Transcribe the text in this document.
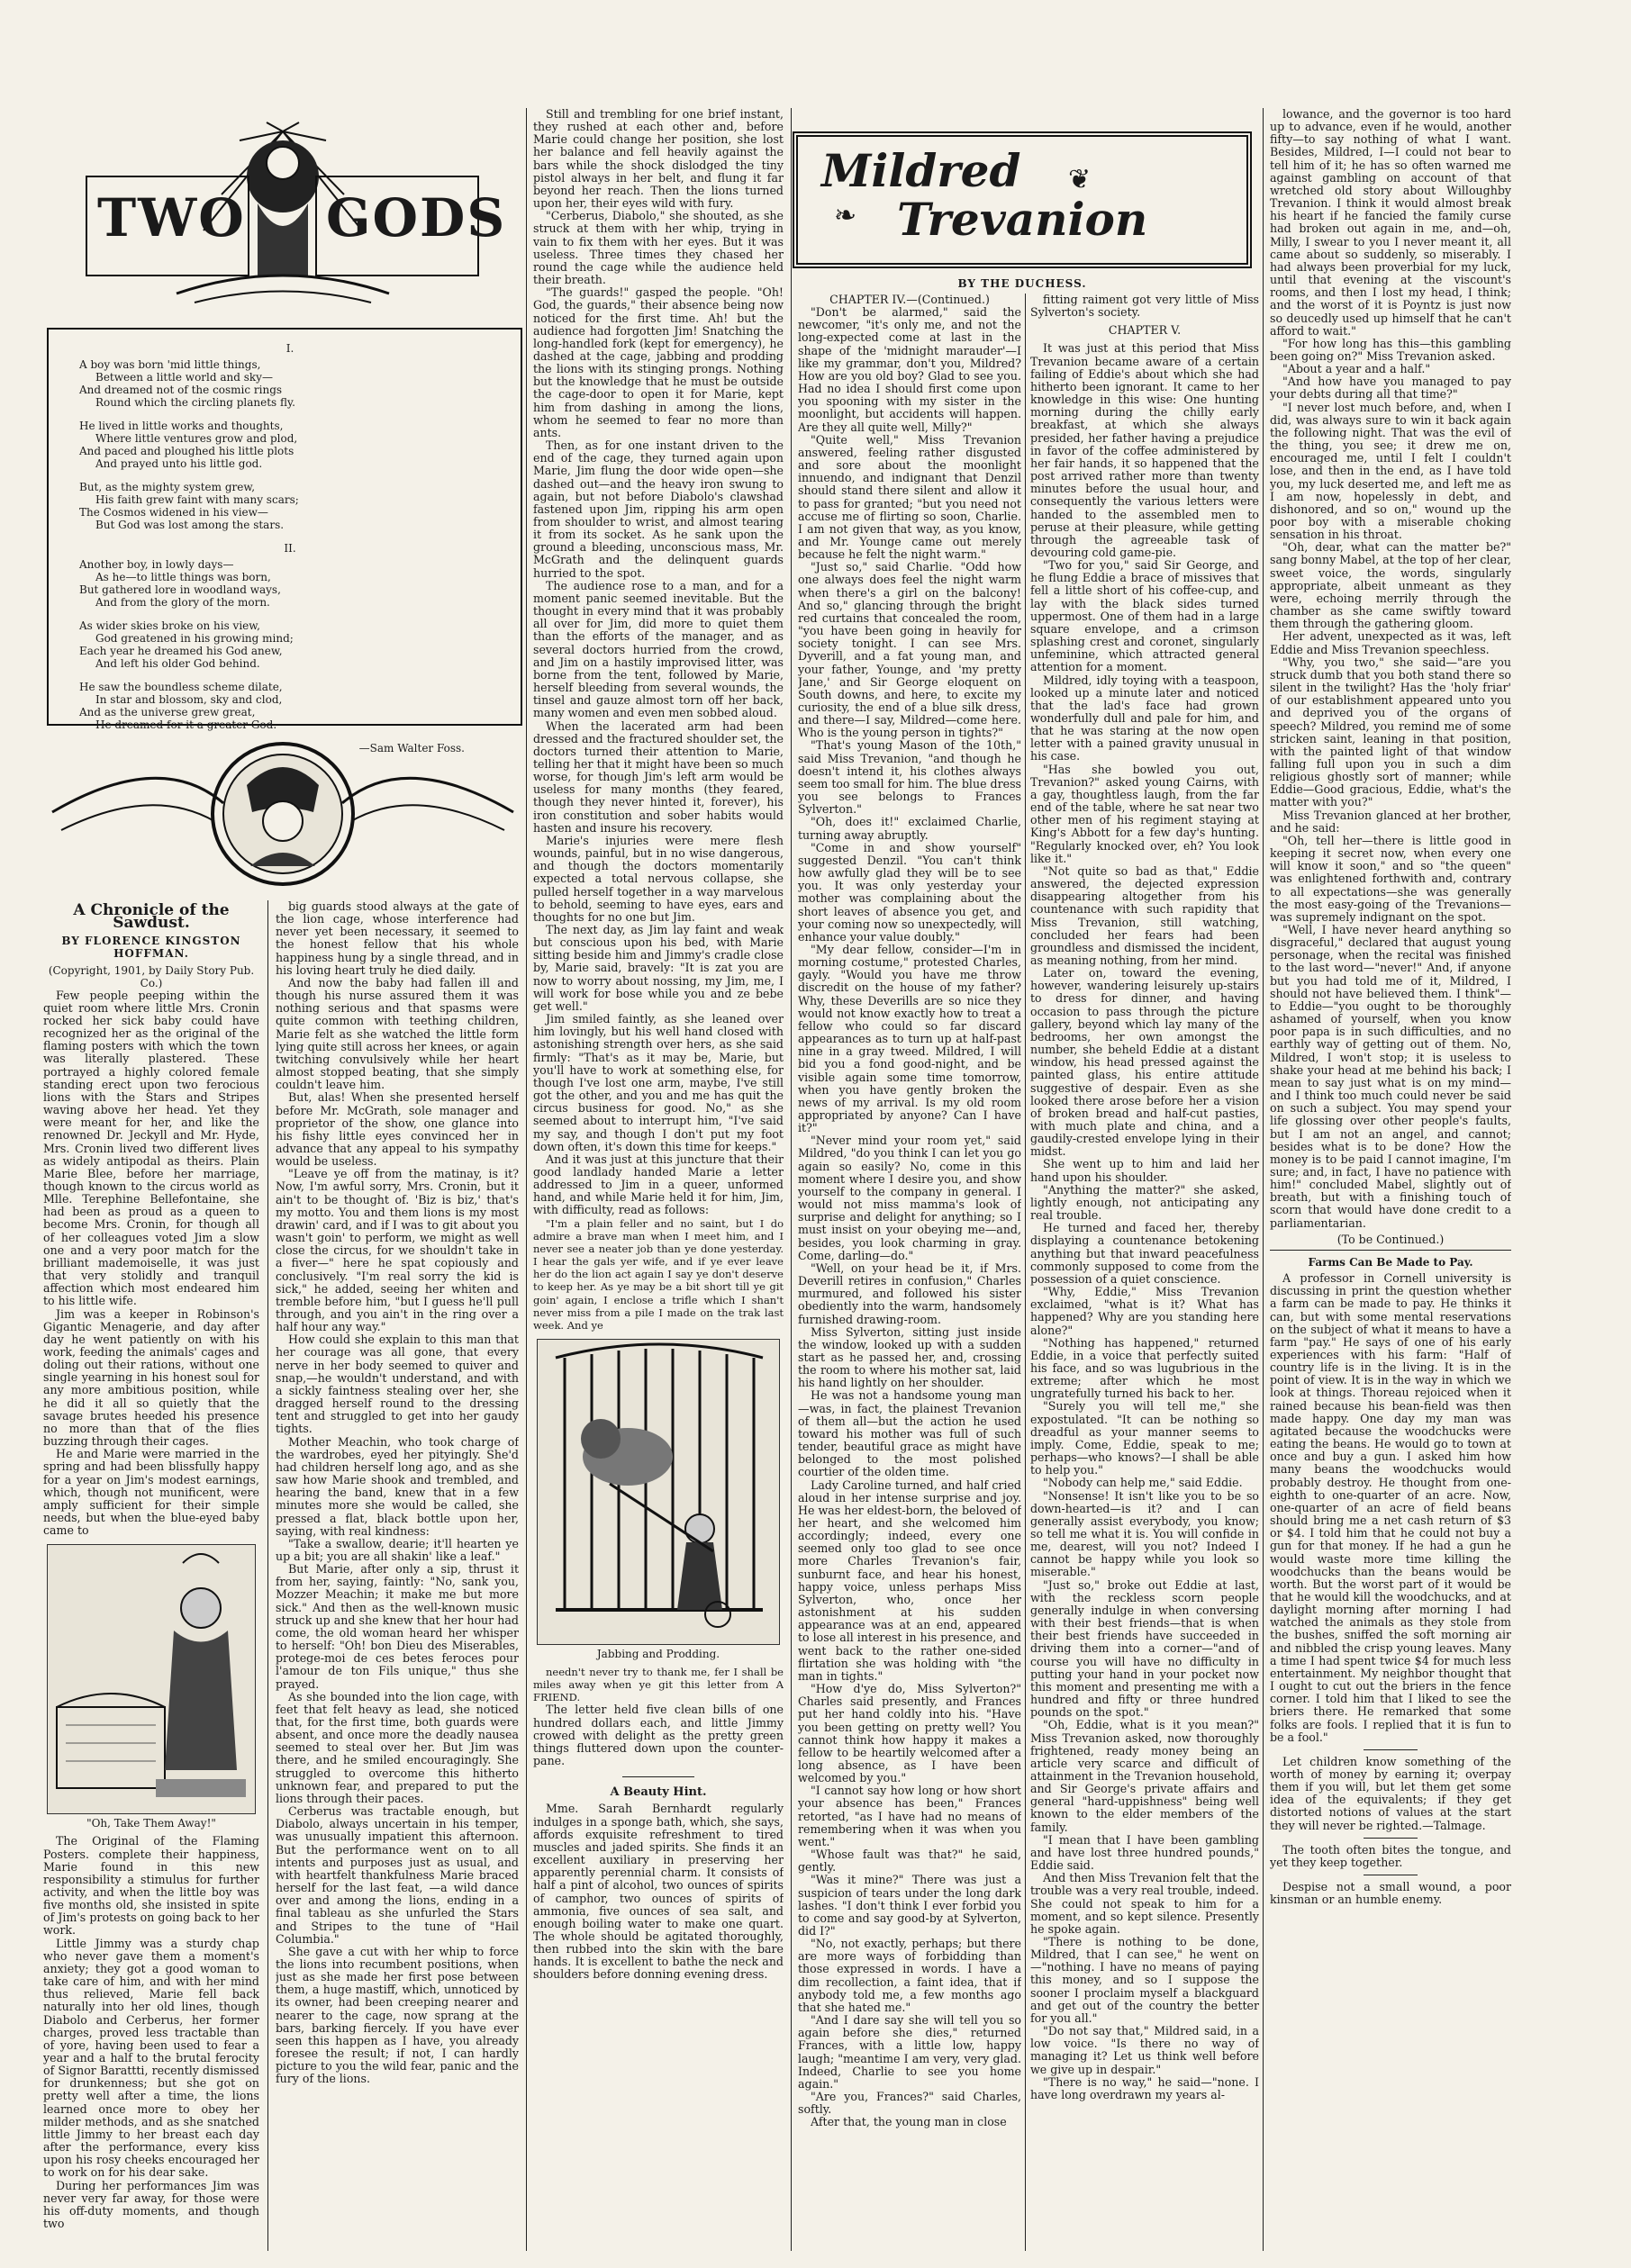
TWO GODS
I.
A boy was born 'mid little things,
Between a little world and sky—
And dreamed not of the cosmic rings
Round which the circling planets fly.
He lived in little works and thoughts,
Where little ventures grow and plod,
And paced and ploughed his little plots
And prayed unto his little god.
But, as the mighty system grew,
His faith grew faint with many scars;
The Cosmos widened in his view—
But God was lost among the stars.
II.
Another boy, in lowly days—
As he—to little things was born,
But gathered lore in woodland ways,
And from the glory of the morn.
As wider skies broke on his view,
God greatened in his growing mind;
Each year he dreamed his God anew,
And left his older God behind.
He saw the boundless scheme dilate,
In star and blossom, sky and clod,
And as the universe grew great,
He dreamed for it a greater God.
—Sam Walter Foss.
A Chronicle of the Sawdust.
BY FLORENCE KINGSTON HOFFMAN.
(Copyright, 1901, by Daily Story Pub. Co.)

Few people peeping within the quiet room where little Mrs. Cronin rocked her sick baby could have recognized her as the original of the flaming posters with which the town was literally plastered. These portrayed a highly colored female standing erect upon two ferocious lions with the Stars and Stripes waving above her head. Yet they were meant for her, and like the renowned Dr. Jeckyll and Mr. Hyde, Mrs. Cronin lived two different lives as widely antipodal as theirs. Plain Marie Blee, before her marriage, though known to the circus world as Mlle. Terephine Bellefontaine, she had been as proud as a queen to become Mrs. Cronin, for though all of her colleagues voted Jim a slow one and a very poor match for the brilliant mademoiselle, it was just that very stolidly and tranquil affection which most endeared him to his little wife.

Jim was a keeper in Robinson's Gigantic Menagerie, and day after day he went patiently on with his work, feeding the animals' cages and doling out their rations, without one single yearning in his honest soul for any more ambitious position, while he did it all so quietly that the savage brutes heeded his presence no more than that of the flies buzzing through their cages.

He and Marie were married in the spring and had been blissfully happy for a year on Jim's modest earnings, which, though not munificent, were amply sufficient for their simple needs, but when the blue-eyed baby came to

"Oh, Take Them Away!"

The Original of the Flaming Posters. complete their happiness, Marie found in this new responsibility a stimulus for further activity, and when the little boy was five months old, she insisted in spite of Jim's protests on going back to her work.

Little Jimmy was a sturdy chap who never gave them a moment's anxiety; they got a good woman to take care of him, and with her mind thus relieved, Marie fell back naturally into her old lines, though Diabolo and Cerberus, her former charges, proved less tractable than of yore, having been used to fear a year and a half to the brutal ferocity of Signor Barattti, recently dismissed for drunkenness; but she got on pretty well after a time, the lions learned once more to obey her milder methods, and as she snatched little Jimmy to her breast each day after the performance, every kiss upon his rosy cheeks encouraged her to work on for his dear sake.

During her performances Jim was never very far away, for those were his off-duty moments, and though two

big guards stood always at the gate of the lion cage, whose interference had never yet been necessary, it seemed to the honest fellow that his whole happiness hung by a single thread, and in his loving heart truly he died daily.

And now the baby had fallen ill and though his nurse assured them it was nothing serious and that spasms were quite common with teething children, Marie felt as she watched the little form lying quite still across her knees, or again twitching convulsively while her heart almost stopped beating, that she simply couldn't leave him.

But, alas! When she presented herself before Mr. McGrath, sole manager and proprietor of the show, one glance into his fishy little eyes convinced her in advance that any appeal to his sympathy would be useless.

"Leave ye off from the matinay, is it? Now, I'm awful sorry, Mrs. Cronin, but it ain't to be thought of. 'Biz is biz,' that's my motto. You and them lions is my most drawin' card, and if I was to git about you wasn't goin' to perform, we might as well close the circus, for we shouldn't take in a fiver—" here he spat copiously and conclusively. "I'm real sorry the kid is sick," he added, seeing her whiten and tremble before him, "but I guess he'll pull through, and you ain't in the ring over a half hour any way."

How could she explain to this man that her courage was all gone, that every nerve in her body seemed to quiver and snap,—he wouldn't understand, and with a sickly faintness stealing over her, she dragged herself round to the dressing tent and struggled to get into her gaudy tights.

Mother Meachin, who took charge of the wardrobes, eyed her pityingly. She'd had children herself long ago, and as she saw how Marie shook and trembled, and hearing the band, knew that in a few minutes more she would be called, she pressed a flat, black bottle upon her, saying, with real kindness:

"Take a swallow, dearie; it'll hearten ye up a bit; you are all shakin' like a leaf."

But Marie, after only a sip, thrust it from her, saying, faintly: "No, sank you, Mozzer Meachin; it make me but more sick." And then as the well-known music struck up and she knew that her hour had come, the old woman heard her whisper to herself: "Oh! bon Dieu des Miserables, protege-moi de ces betes feroces pour l'amour de ton Fils unique," thus she prayed.

As she bounded into the lion cage, with feet that felt heavy as lead, she noticed that, for the first time, both guards were absent, and once more the deadly nausea seemed to steal over her. But Jim was there, and he smiled encouragingly. She struggled to overcome this hitherto unknown fear, and prepared to put the lions through their paces.

Cerberus was tractable enough, but Diabolo, always uncertain in his temper, was unusually impatient this afternoon. But the performance went on to all intents and purposes just as usual, and with heartfelt thankfulness Marie braced herself for the last feat, —a wild dance over and among the lions, ending in a final tableau as she unfurled the Stars and Stripes to the tune of "Hail Columbia."

She gave a cut with her whip to force the lions into recumbent positions, when just as she made her first pose between them, a huge mastiff, which, unnoticed by its owner, had been creeping nearer and nearer to the cage, now sprang at the bars, barking fiercely. If you have ever seen this happen as I have, you already foresee the result; if not, I can hardly picture to you the wild fear, panic and the fury of the lions.

Still and trembling for one brief instant, they rushed at each other and, before Marie could change her position, she lost her balance and fell heavily against the bars while the shock dislodged the tiny pistol always in her belt, and flung it far beyond her reach. Then the lions turned upon her, their eyes wild with fury.

"Cerberus, Diabolo," she shouted, as she struck at them with her whip, trying in vain to fix them with her eyes. But it was useless. Three times they chased her round the cage while the audience held their breath.

"The guards!" gasped the people. "Oh! God, the guards," their absence being now noticed for the first time. Ah! but the audience had forgotten Jim! Snatching the long-handled fork (kept for emergency), he dashed at the cage, jabbing and prodding the lions with its stinging prongs. Nothing but the knowledge that he must be outside the cage-door to open it for Marie, kept him from dashing in among the lions, whom he seemed to fear no more than ants.

Then, as for one instant driven to the end of the cage, they turned again upon Marie, Jim flung the door wide open—she dashed out—and the heavy iron swung to again, but not before Diabolo's clawshad fastened upon Jim, ripping his arm open from shoulder to wrist, and almost tearing it from its socket. As he sank upon the ground a bleeding, unconscious mass, Mr. McGrath and the delinquent guards hurried to the spot.

The audience rose to a man, and for a moment panic seemed inevitable. But the thought in every mind that it was probably all over for Jim, did more to quiet them than the efforts of the manager, and as several doctors hurried from the crowd, and Jim on a hastily improvised litter, was borne from the tent, followed by Marie, herself bleeding from several wounds, the tinsel and gauze almost torn off her back, many women and even men sobbed aloud.

When the lacerated arm had been dressed and the fractured shoulder set, the doctors turned their attention to Marie, telling her that it might have been so much worse, for though Jim's left arm would be useless for many months (they feared, though they never hinted it, forever), his iron constitution and sober habits would hasten and insure his recovery.

Marie's injuries were mere flesh wounds, painful, but in no wise dangerous, and though the doctors momentarily expected a total nervous collapse, she pulled herself together in a way marvelous to behold, seeming to have eyes, ears and thoughts for no one but Jim.

The next day, as Jim lay faint and weak but conscious upon his bed, with Marie sitting beside him and Jimmy's cradle close by, Marie said, bravely: "It is zat you are now to worry about nossing, my Jim, me, I will work for bose while you and ze bebe get well."

Jim smiled faintly, as she leaned over him lovingly, but his well hand closed with astonishing strength over hers, as she said firmly: "That's as it may be, Marie, but you'll have to work at something else, for though I've lost one arm, maybe, I've still got the other, and you and me has quit the circus business for good. No," as she seemed about to interrupt him, "I've said my say, and though I don't put my foot down often, it's down this time for keeps."

And it was just at this juncture that their good landlady handed Marie a letter addressed to Jim in a queer, unformed hand, and while Marie held it for him, Jim, with difficulty, read as follows:

"I'm a plain feller and no saint, but I do admire a brave man when I meet him, and I never see a neater job than ye done yesterday. I hear the gals yer wife, and if ye ever leave her do the lion act again I say ye don't deserve to keep her. As ye may be a bit short till ye git goin' again, I enclose a trifle which I shan't never miss from a pile I made on the trak last week. And ye

Jabbing and Prodding.

needn't never try to thank me, fer I shall be miles away when ye git this letter from A FRIEND.

The letter held five clean bills of one hundred dollars each, and little Jimmy crowed with delight as the pretty green things fluttered down upon the counter-pane.

A Beauty Hint.

Mme. Sarah Bernhardt regularly indulges in a sponge bath, which, she says, affords exquisite refreshment to tired muscles and jaded spirits. She finds it an excellent auxiliary in preserving her apparently perennial charm. It consists of half a pint of alcohol, two ounces of spirits of camphor, two ounces of spirits of ammonia, five ounces of sea salt, and enough boiling water to make one quart. The whole should be agitated thoroughly, then rubbed into the skin with the bare hands. It is excellent to bathe the neck and shoulders before donning evening dress.

Mildred ❦
❧ Trevanion
BY THE DUCHESS.
CHAPTER IV.—(Continued.)

"Don't be alarmed," said the newcomer, "it's only me, and not the long-expected come at last in the shape of the 'midnight marauder'—I like my grammar, don't you, Mildred? How are you old boy? Glad to see you. Had no idea I should first come upon you spooning with my sister in the moonlight, but accidents will happen. Are they all quite well, Milly?"

"Quite well," Miss Trevanion answered, feeling rather disgusted and sore about the moonlight innuendo, and indignant that Denzil should stand there silent and allow it to pass for granted; "but you need not accuse me of flirting so soon, Charlie. I am not given that way, as you know, and Mr. Younge came out merely because he felt the night warm."

"Just so," said Charlie. "Odd how one always does feel the night warm when there's a girl on the balcony! And so," glancing through the bright red curtains that concealed the room, "you have been going in heavily for society tonight. I can see Mrs. Dyverill, and a fat young man, and your father, Younge, and 'my pretty Jane,' and Sir George eloquent on South downs, and here, to excite my curiosity, the end of a blue silk dress, and there—I say, Mildred—come here. Who is the young person in tights?"

"That's young Mason of the 10th," said Miss Trevanion, "and though he doesn't intend it, his clothes always seem too small for him. The blue dress you see belongs to Frances Sylverton."

"Oh, does it!" exclaimed Charlie, turning away abruptly.

"Come in and show yourself" suggested Denzil. "You can't think how awfully glad they will be to see you. It was only yesterday your mother was complaining about the short leaves of absence you get, and your coming now so unexpectedly, will enhance your value doubly."

"My dear fellow, consider—I'm in morning costume," protested Charles, gayly. "Would you have me throw discredit on the house of my father? Why, these Deverills are so nice they would not know exactly how to treat a fellow who could so far discard appearances as to turn up at half-past nine in a gray tweed. Mildred, I will bid you a fond good-night, and be visible again some time tomorrow, when you have gently broken the news of my arrival. Is my old room appropriated by anyone? Can I have it?"

"Never mind your room yet," said Mildred, "do you think I can let you go again so easily? No, come in this moment where I desire you, and show yourself to the company in general. I would not miss mamma's look of surprise and delight for anything; so I must insist on your obeying me—and, besides, you look charming in gray. Come, darling—do."

"Well, on your head be it, if Mrs. Deverill retires in confusion," Charles murmured, and followed his sister obediently into the warm, handsomely furnished drawing-room.

Miss Sylverton, sitting just inside the window, looked up with a sudden start as he passed her, and, crossing the room to where his mother sat, laid his hand lightly on her shoulder.

He was not a handsome young man—was, in fact, the plainest Trevanion of them all—but the action he used toward his mother was full of such tender, beautiful grace as might have belonged to the most polished courtier of the olden time.

Lady Caroline turned, and half cried aloud in her intense surprise and joy. He was her eldest-born, the beloved of her heart, and she welcomed him accordingly; indeed, every one seemed only too glad to see once more Charles Trevanion's fair, sunburnt face, and hear his honest, happy voice, unless perhaps Miss Sylverton, who, once her astonishment at his sudden appearance was at an end, appeared to lose all interest in his presence, and went back to the rather one-sided flirtation she was holding with "the man in tights."

"How d'ye do, Miss Sylverton?" Charles said presently, and Frances put her hand coldly into his. "Have you been getting on pretty well? You cannot think how happy it makes a fellow to be heartily welcomed after a long absence, as I have been welcomed by you."

"I cannot say how long or how short your absence has been," Frances retorted, "as I have had no means of remembering when it was when you went."

"Whose fault was that?" he said, gently.

"Was it mine?" There was just a suspicion of tears under the long dark lashes. "I don't think I ever forbid you to come and say good-by at Sylverton, did I?"

"No, not exactly, perhaps; but there are more ways of forbidding than those expressed in words. I have a dim recollection, a faint idea, that if anybody told me, a few months ago that she hated me."

"And I dare say she will tell you so again before she dies," returned Frances, with a little low, happy laugh; "meantime I am very, very glad. Indeed, Charlie to see you home again."

"Are you, Frances?" said Charles, softly.

After that, the young man in close

fitting raiment got very little of Miss Sylverton's society.

CHAPTER V.

It was just at this period that Miss Trevanion became aware of a certain failing of Eddie's about which she had hitherto been ignorant. It came to her knowledge in this wise: One hunting morning during the chilly early breakfast, at which she always presided, her father having a prejudice in favor of the coffee administered by her fair hands, it so happened that the post arrived rather more than twenty minutes before the usual hour, and consequently the various letters were handed to the assembled men to peruse at their pleasure, while getting through the agreeable task of devouring cold game-pie.

"Two for you," said Sir George, and he flung Eddie a brace of missives that fell a little short of his coffee-cup, and lay with the black sides turned uppermost. One of them had in a large square envelope, and a crimson splashing crest and coronet, singularly unfeminine, which attracted general attention for a moment.

Mildred, idly toying with a teaspoon, looked up a minute later and noticed that the lad's face had grown wonderfully dull and pale for him, and that he was staring at the now open letter with a pained gravity unusual in his case.

"Has she bowled you out, Trevanion?" asked young Cairns, with a gay, thoughtless laugh, from the far end of the table, where he sat near two other men of his regiment staying at King's Abbott for a few day's hunting. "Regularly knocked over, eh? You look like it."

"Not quite so bad as that," Eddie answered, the dejected expression disappearing altogether from his countenance with such rapidity that Miss Trevanion, still watching, concluded her fears had been groundless and dismissed the incident, as meaning nothing, from her mind.

Later on, toward the evening, however, wandering leisurely up-stairs to dress for dinner, and having occasion to pass through the picture gallery, beyond which lay many of the bedrooms, her own amongst the number, she beheld Eddie at a distant window, his head pressed against the painted glass, his entire attitude suggestive of despair. Even as she looked there arose before her a vision of broken bread and half-cut pasties, with much plate and china, and a gaudily-crested envelope lying in their midst.

She went up to him and laid her hand upon his shoulder.

"Anything the matter?" she asked, lightly enough, not anticipating any real trouble.

He turned and faced her, thereby displaying a countenance betokening anything but that inward peacefulness commonly supposed to come from the possession of a quiet conscience.

"Why, Eddie," Miss Trevanion exclaimed, "what is it? What has happened? Why are you standing here alone?"

"Nothing has happened," returned Eddie, in a voice that perfectly suited his face, and so was lugubrious in the extreme; after which he most ungratefully turned his back to her.

"Surely you will tell me," she expostulated. "It can be nothing so dreadful as your manner seems to imply. Come, Eddie, speak to me; perhaps—who knows?—I shall be able to help you."

"Nobody can help me," said Eddie.

"Nonsense! It isn't like you to be so down-hearted—is it? and I can generally assist everybody, you know; so tell me what it is. You will confide in me, dearest, will you not? Indeed I cannot be happy while you look so miserable."

"Just so," broke out Eddie at last, with the reckless scorn people generally indulge in when conversing with their best friends—that is when their best friends have succeeded in driving them into a corner—"and of course you will have no difficulty in putting your hand in your pocket now this moment and presenting me with a hundred and fifty or three hundred pounds on the spot."

"Oh, Eddie, what is it you mean?" Miss Trevanion asked, now thoroughly frightened, ready money being an article very scarce and difficult of attainment in the Trevanion household, and Sir George's private affairs and general "hard-uppishness" being well known to the elder members of the family.

"I mean that I have been gambling and have lost three hundred pounds," Eddie said.

And then Miss Trevanion felt that the trouble was a very real trouble, indeed. She could not speak to him for a moment, and so kept silence. Presently he spoke again.

"There is nothing to be done, Mildred, that I can see," he went on—"nothing. I have no means of paying this money, and so I suppose the sooner I proclaim myself a blackguard and get out of the country the better for you all."

"Do not say that," Mildred said, in a low voice. "Is there no way of managing it? Let us think well before we give up in despair."

"There is no way," he said—"none. I have long overdrawn my years al-

lowance, and the governor is too hard up to advance, even if he would, another fifty—to say nothing of what I want. Besides, Mildred, I—I could not bear to tell him of it; he has so often warned me against gambling on account of that wretched old story about Willoughby Trevanion. I think it would almost break his heart if he fancied the family curse had broken out again in me, and—oh, Milly, I swear to you I never meant it, all came about so suddenly, so miserably. I had always been proverbial for my luck, until that evening at the viscount's rooms, and then I lost my head, I think; and the worst of it is Poyntz is just now so deucedly used up himself that he can't afford to wait."

"For how long has this—this gambling been going on?" Miss Trevanion asked.

"About a year and a half."

"And how have you managed to pay your debts during all that time?"

"I never lost much before, and, when I did, was always sure to win it back again the following night. That was the evil of the thing, you see; it drew me on, encouraged me, until I felt I couldn't lose, and then in the end, as I have told you, my luck deserted me, and left me as I am now, hopelessly in debt, and dishonored, and so on," wound up the poor boy with a miserable choking sensation in his throat.

"Oh, dear, what can the matter be?" sang bonny Mabel, at the top of her clear, sweet voice, the words, singularly appropriate, albeit unmeant as they were, echoing merrily through the chamber as she came swiftly toward them through the gathering gloom.

Her advent, unexpected as it was, left Eddie and Miss Trevanion speechless.

"Why, you two," she said—"are you struck dumb that you both stand there so silent in the twilight? Has the 'holy friar' of our establishment appeared unto you and deprived you of the organs of speech? Mildred, you remind me of some stricken saint, leaning in that position, with the painted light of that window falling full upon you in such a dim religious ghostly sort of manner; while Eddie—Good gracious, Eddie, what's the matter with you?"

Miss Trevanion glanced at her brother, and he said:

"Oh, tell her—there is little good in keeping it secret now, when every one will know it soon," and so "the queen" was enlightened forthwith and, contrary to all expectations—she was generally the most easy-going of the Trevanions—was supremely indignant on the spot.

"Well, I have never heard anything so disgraceful," declared that august young personage, when the recital was finished to the last word—"never!" And, if anyone but you had told me of it, Mildred, I should not have believed them. I think"—to Eddie—"you ought to be thoroughly ashamed of yourself, when you know poor papa is in such difficulties, and no earthly way of getting out of them. No, Mildred, I won't stop; it is useless to shake your head at me behind his back; I mean to say just what is on my mind—and I think too much could never be said on such a subject. You may spend your life glossing over other people's faults, but I am not an angel, and cannot; besides what is to be done? How the money is to be paid I cannot imagine, I'm sure; and, in fact, I have no patience with him!" concluded Mabel, slightly out of breath, but with a finishing touch of scorn that would have done credit to a parliamentarian.

(To be Continued.)
Farms Can Be Made to Pay.

A professor in Cornell university is discussing in print the question whether a farm can be made to pay. He thinks it can, but with some mental reservations on the subject of what it means to have a farm "pay." He says of one of his early experiences with his farm: "Half of country life is in the living. It is in the point of view. It is in the way in which we look at things. Thoreau rejoiced when it rained because his bean-field was then made happy. One day my man was agitated because the woodchucks were eating the beans. He would go to town at once and buy a gun. I asked him how many beans the woodchucks would probably destroy. He thought from one-eighth to one-quarter of an acre. Now, one-quarter of an acre of field beans should bring me a net cash return of $3 or $4. I told him that he could not buy a gun for that money. If he had a gun he would waste more time killing the woodchucks than the beans would be worth. But the worst part of it would be that he would kill the woodchucks, and at daylight morning after morning I had watched the animals as they stole from the bushes, sniffed the soft morning air and nibbled the crisp young leaves. Many a time I had spent twice $4 for much less entertainment. My neighbor thought that I ought to cut out the briers in the fence corner. I told him that I liked to see the briers there. He remarked that some folks are fools. I replied that it is fun to be a fool."

Let children know something of the worth of money by earning it; overpay them if you will, but let them get some idea of the equivalents; if they get distorted notions of values at the start they will never be righted.—Talmage.

The tooth often bites the tongue, and yet they keep together.

Despise not a small wound, a poor kinsman or an humble enemy.
